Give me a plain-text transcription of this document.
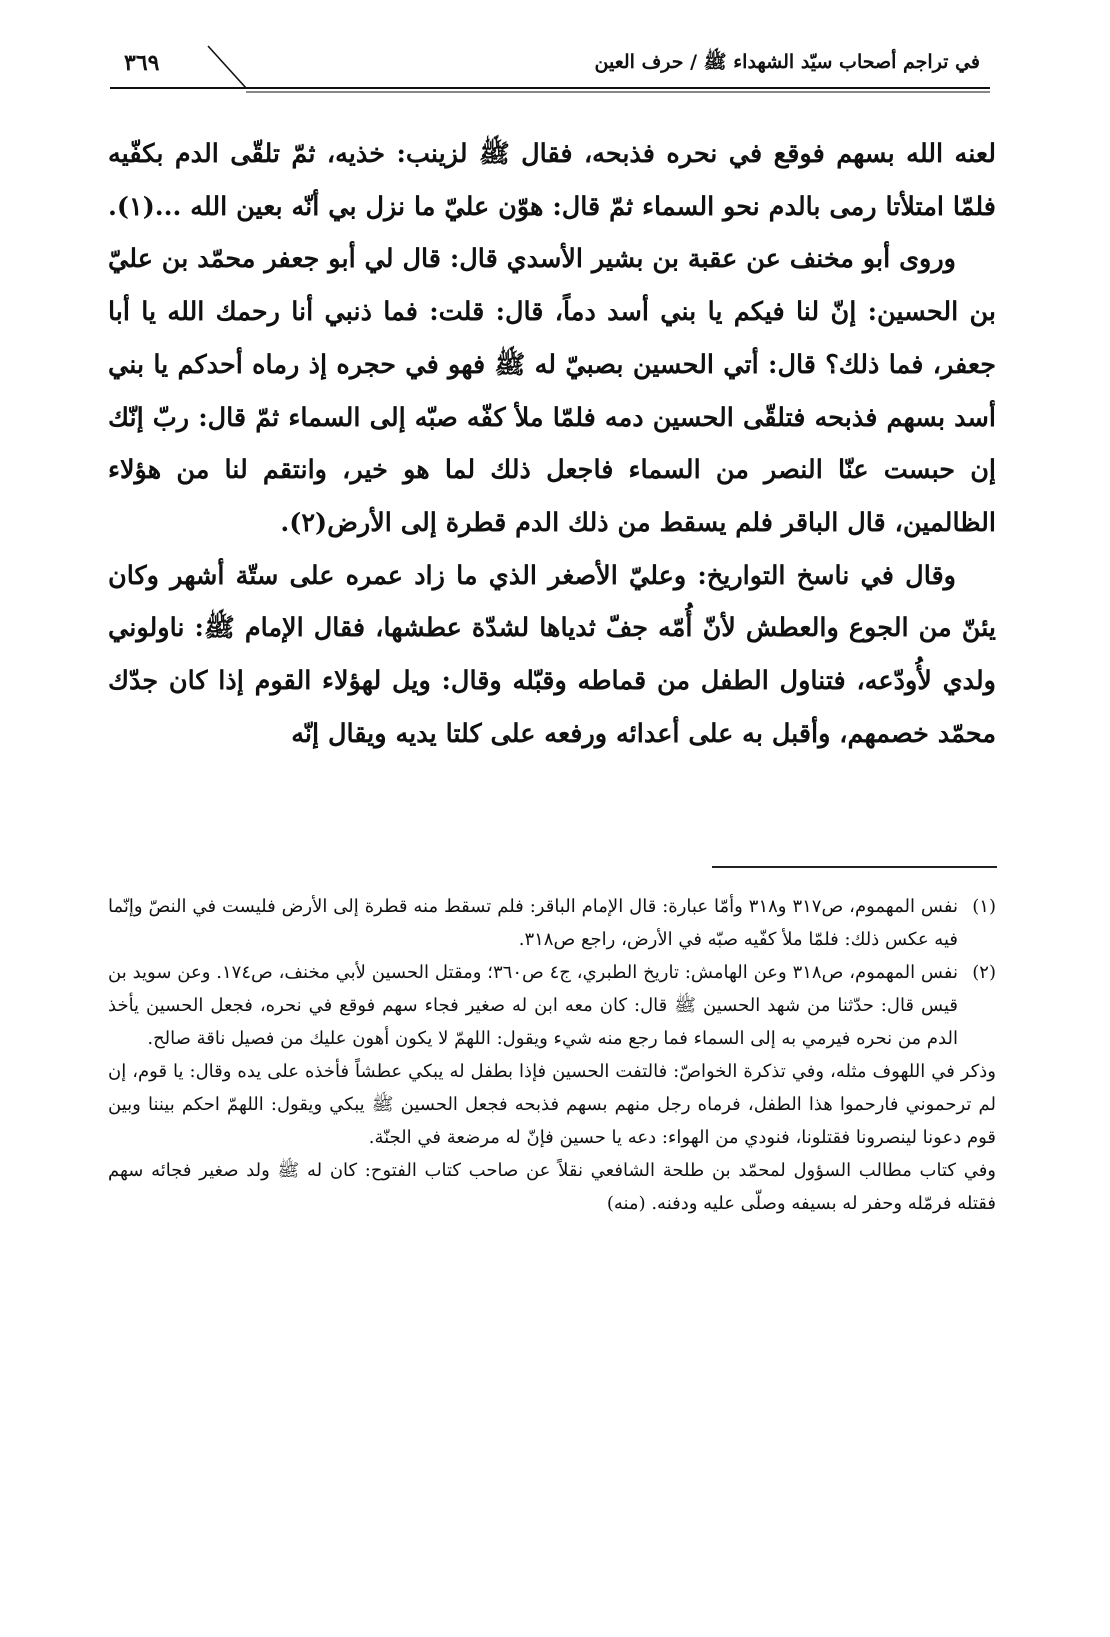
٣٦٩	في تراجم أصحاب سيّد الشهداء ﷺ / حرف العين

لعنه الله بسهم فوقع في نحره فذبحه، فقال ﷺ لزينب: خذيه، ثمّ تلقّى الدم بكفّيه فلمّا امتلأتا رمى بالدم نحو السماء ثمّ قال: هوّن عليّ ما نزل بي أنّه بعين الله ...(١).

وروى أبو مخنف عن عقبة بن بشير الأسدي قال: قال لي أبو جعفر محمّد بن عليّ بن الحسين: إنّ لنا فيكم يا بني أسد دماً، قال: قلت: فما ذنبي أنا رحمك الله يا أبا جعفر، فما ذلك؟ قال: أتي الحسين بصبيّ له ﷺ فهو في حجره إذ رماه أحدكم يا بني أسد بسهم فذبحه فتلقّى الحسين دمه فلمّا ملأ كفّه صبّه إلى السماء ثمّ قال: ربّ إنّك إن حبست عنّا النصر من السماء فاجعل ذلك لما هو خير، وانتقم لنا من هؤلاء الظالمين، قال الباقر فلم يسقط من ذلك الدم قطرة إلى الأرض(٢).

وقال في ناسخ التواريخ: وعليّ الأصغر الذي ما زاد عمره على ستّة أشهر وكان يئنّ من الجوع والعطش لأنّ أُمّه جفّ ثدياها لشدّة عطشها، فقال الإمام ﷺ: ناولوني ولدي لأُودّعه، فتناول الطفل من قماطه وقبّله وقال: ويل لهؤلاء القوم إذا كان جدّك محمّد خصمهم، وأقبل به على أعدائه ورفعه على كلتا يديه ويقال إنّه

(١)
نفس المهموم، ص٣١٧ و٣١٨ وأمّا عبارة: قال الإمام الباقر: فلم تسقط منه قطرة إلى الأرض فليست في النصّ وإنّما فيه عكس ذلك: فلمّا ملأ كفّيه صبّه في الأرض، راجع ص٣١٨.
(٢)
نفس المهموم، ص٣١٨ وعن الهامش: تاريخ الطبري، ج٤ ص٣٦٠؛ ومقتل الحسين لأبي مخنف، ص١٧٤. وعن سويد بن قيس قال: حدّثنا من شهد الحسين ﷺ قال: كان معه ابن له صغير فجاء سهم فوقع في نحره، فجعل الحسين يأخذ الدم من نحره فيرمي به إلى السماء فما رجع منه شيء ويقول: اللهمّ لا يكون أهون عليك من فصيل ناقة صالح.

وذكر في اللهوف مثله، وفي تذكرة الخواصّ: فالتفت الحسين فإذا بطفل له يبكي عطشاً فأخذه على يده وقال: يا قوم، إن لم ترحموني فارحموا هذا الطفل، فرماه رجل منهم بسهم فذبحه فجعل الحسين ﷺ يبكي ويقول: اللهمّ احكم بيننا وبين قوم دعونا لينصرونا فقتلونا، فنودي من الهواء: دعه يا حسين فإنّ له مرضعة في الجنّة.

وفي كتاب مطالب السؤول لمحمّد بن طلحة الشافعي نقلاً عن صاحب كتاب الفتوح: كان له ﷺ ولد صغير فجائه سهم فقتله فرمّله وحفر له بسيفه وصلّى عليه ودفنه. (منه)
